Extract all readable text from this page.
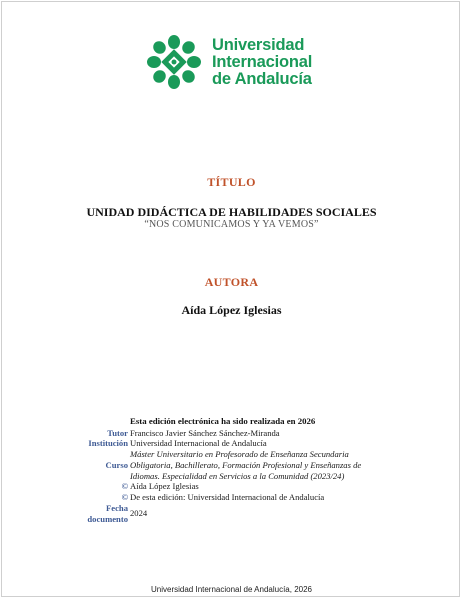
Universidad
Internacional
de Andalucía
TÍTULO
UNIDAD DIDÁCTICA DE HABILIDADES SOCIALES
“NOS COMUNICAMOS Y YA VEMOS”
AUTORA
Aída López Iglesias
Esta edición electrónica ha sido realizada en 2026
Tutor Francisco Javier Sánchez Sánchez-Miranda
Institución Universidad Internacional de Andalucía
Curso
Máster Universitario en Profesorado de Enseñanza Secundaria
Obligatoria, Bachillerato, Formación Profesional y Enseñanzas de
Idiomas. Especialidad en Servicios a la Comunidad (2023/24)
© Aída López Iglesias
© De esta edición: Universidad Internacional de Andalucía
Fecha
documento
2024
Universidad Internacional de Andalucía, 2026
